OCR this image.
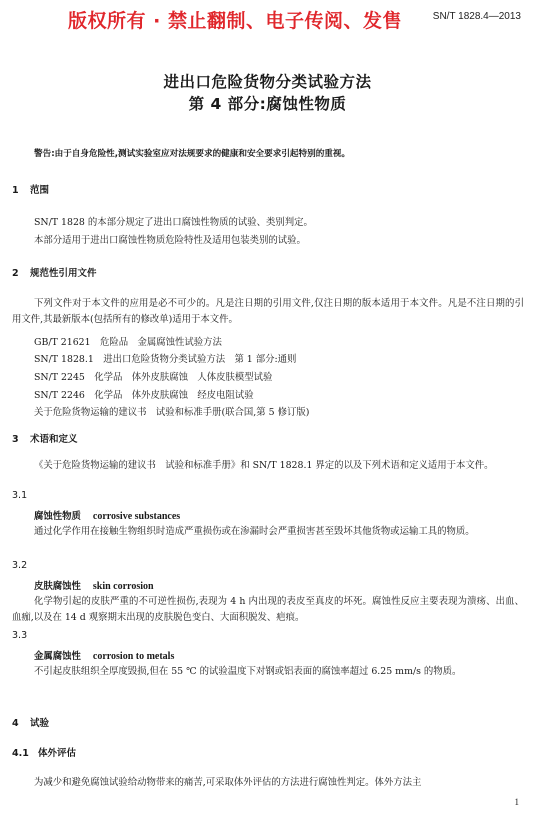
SN/T 1828.4—2013
版权所有 · 禁止翻制、电子传阅、发售
进出口危险货物分类试验方法
第 4 部分:腐蚀性物质
警告:由于自身危险性,测试实验室应对法规要求的健康和安全要求引起特别的重视。
1 范围
SN/T 1828 的本部分规定了进出口腐蚀性物质的试验、类别判定。
本部分适用于进出口腐蚀性物质危险特性及适用包装类别的试验。
2 规范性引用文件
下列文件对于本文件的应用是必不可少的。凡是注日期的引用文件,仅注日期的版本适用于本文件。凡是不注日期的引用文件,其最新版本(包括所有的修改单)适用于本文件。
GB/T 21621　危险品　金属腐蚀性试验方法
SN/T 1828.1　进出口危险货物分类试验方法　第 1 部分:通则
SN/T 2245　化学品　体外皮肤腐蚀　人体皮肤模型试验
SN/T 2246　化学品　体外皮肤腐蚀　经皮电阻试验
关于危险货物运输的建议书　试验和标准手册(联合国,第 5 修订版)
3 术语和定义
《关于危险货物运输的建议书　试验和标准手册》和 SN/T 1828.1 界定的以及下列术语和定义适用于本文件。
3.1
腐蚀性物质 corrosive substances
通过化学作用在接触生物组织时造成严重损伤或在渗漏时会严重损害甚至毁坏其他货物或运输工具的物质。
3.2
皮肤腐蚀性 skin corrosion
化学物引起的皮肤严重的不可逆性损伤,表现为 4 h 内出现的表皮至真皮的坏死。腐蚀性反应主要表现为溃疡、出血、血痂,以及在 14 d 观察期末出现的皮肤脱色变白、大面积脱发、疤痕。
3.3
金属腐蚀性 corrosion to metals
不引起皮肤组织全厚度毁损,但在 55 ℃ 的试验温度下对钢或铝表面的腐蚀率超过 6.25 mm/s 的物质。
4 试验
4.1 体外评估
为减少和避免腐蚀试验给动物带来的痛苦,可采取体外评估的方法进行腐蚀性判定。体外方法主
1
